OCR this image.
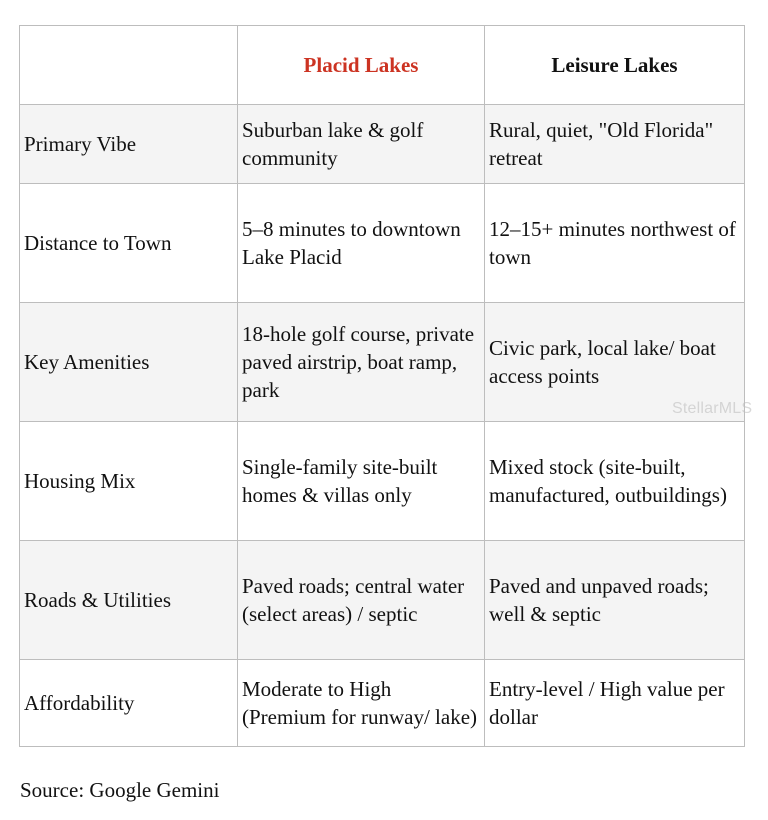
	Placid Lakes	Leisure Lakes
Primary Vibe	Suburban lake & golf community	Rural, quiet, "Old Florida" retreat
Distance to Town	5–8 minutes to downtown Lake Placid	12–15+ minutes northwest of town
Key Amenities	18-hole golf course, private paved airstrip, boat ramp, park	Civic park, local lake/ boat access points
Housing Mix	Single-family site-built homes & villas only	Mixed stock (site-built, manufactured, outbuildings)
Roads & Utilities	Paved roads; central water (select areas) / septic	Paved and unpaved roads; well & septic
Affordability	Moderate to High (Premium for runway/ lake)	Entry-level / High value per dollar
StellarMLS
Source: Google Gemini
